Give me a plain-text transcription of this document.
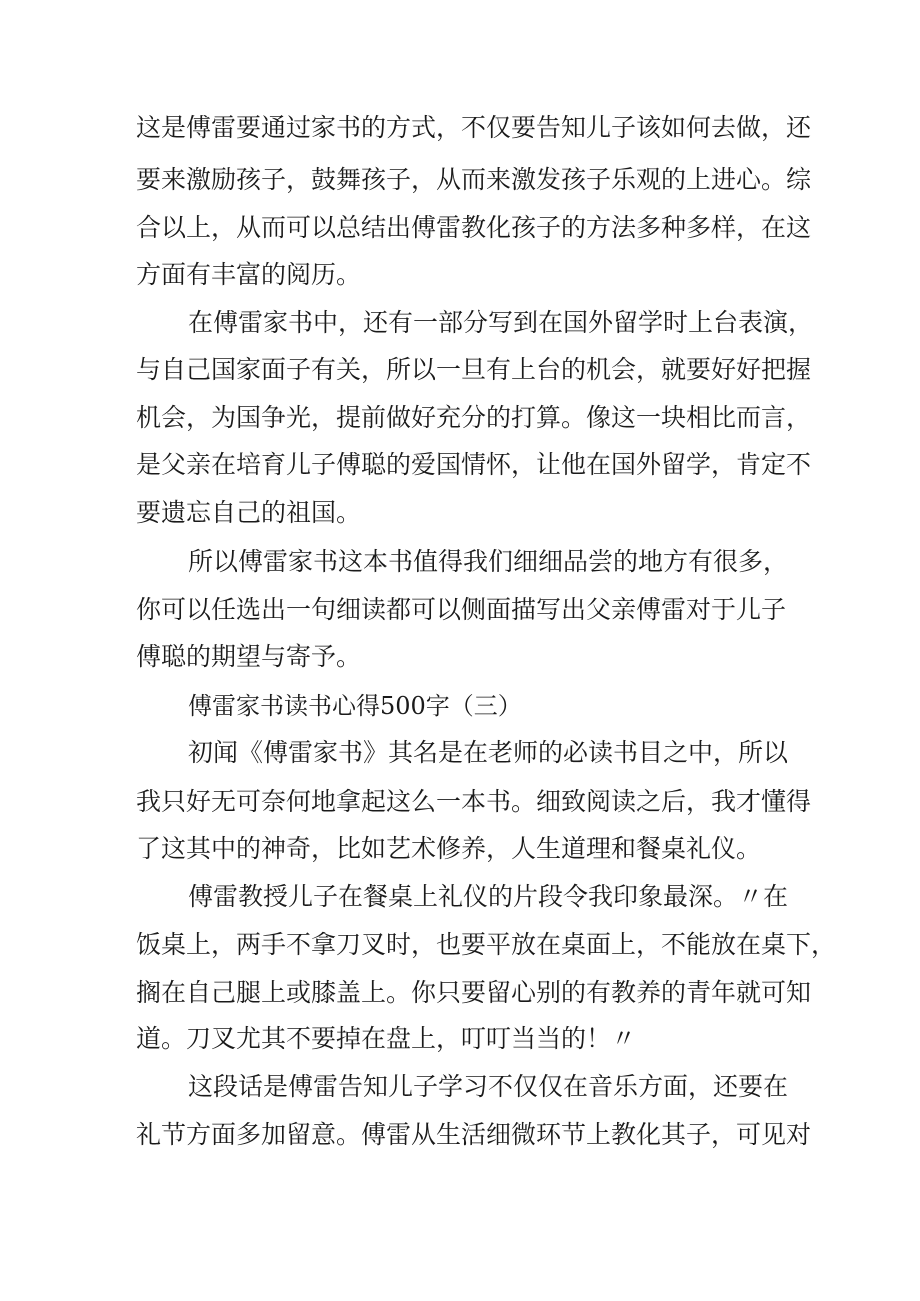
这是傅雷要通过家书的方式，不仅要告知儿子该如何去做，还

要来激励孩子，鼓舞孩子，从而来激发孩子乐观的上进心。综

合以上，从而可以总结出傅雷教化孩子的方法多种多样，在这

方面有丰富的阅历。

在傅雷家书中，还有一部分写到在国外留学时上台表演，

与自己国家面子有关，所以一旦有上台的机会，就要好好把握

机会，为国争光，提前做好充分的打算。像这一块相比而言，

是父亲在培育儿子傅聪的爱国情怀，让他在国外留学，肯定不

要遗忘自己的祖国。

所以傅雷家书这本书值得我们细细品尝的地方有很多，

你可以任选出一句细读都可以侧面描写出父亲傅雷对于儿子

傅聪的期望与寄予。

傅雷家书读书心得500字（三）

初闻《傅雷家书》其名是在老师的必读书目之中，所以

我只好无可奈何地拿起这么一本书。细致阅读之后，我才懂得

了这其中的神奇，比如艺术修养，人生道理和餐桌礼仪。

傅雷教授儿子在餐桌上礼仪的片段令我印象最深。〃在

饭桌上，两手不拿刀叉时，也要平放在桌面上，不能放在桌下，

搁在自己腿上或膝盖上。你只要留心别的有教养的青年就可知

道。刀叉尤其不要掉在盘上，叮叮当当的！〃

这段话是傅雷告知儿子学习不仅仅在音乐方面，还要在

礼节方面多加留意。傅雷从生活细微环节上教化其子，可见对
